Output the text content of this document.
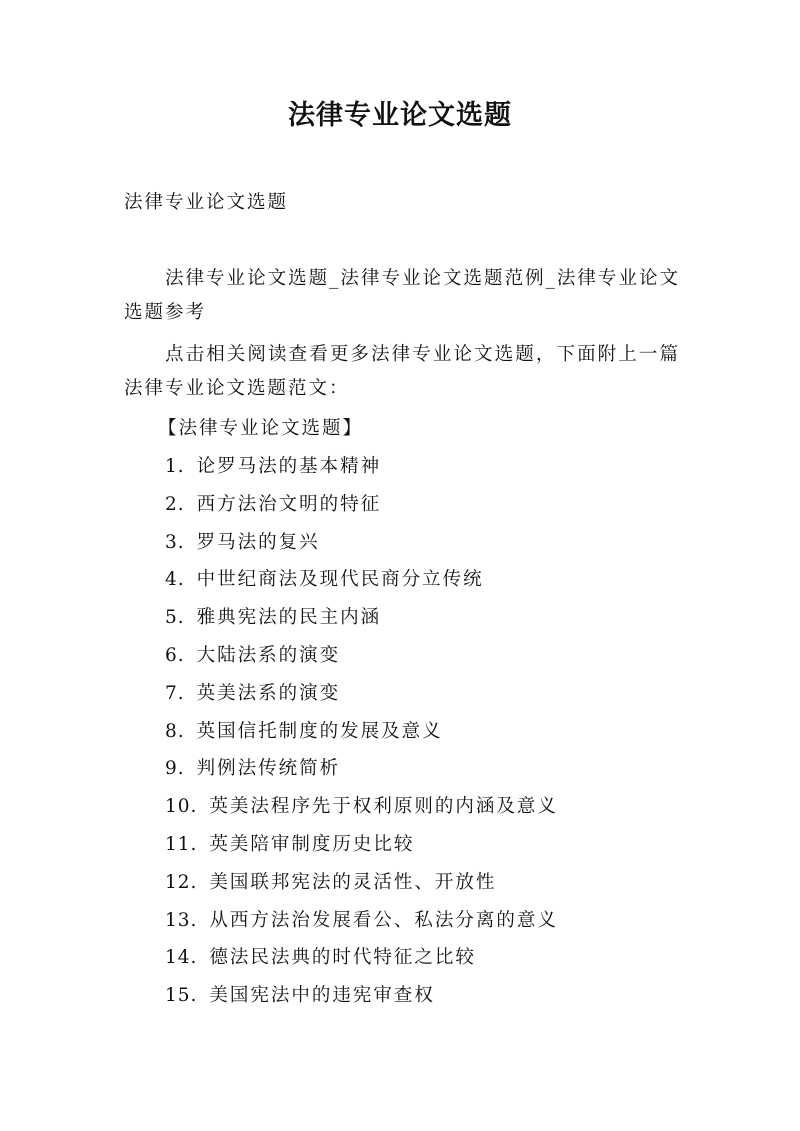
法律专业论文选题
法律专业论文选题

法律专业论文选题_法律专业论文选题范例_法律专业论文选题参考

点击相关阅读查看更多法律专业论文选题，下面附上一篇法律专业论文选题范文：

【法律专业论文选题】
1. 论罗马法的基本精神
2. 西方法治文明的特征
3. 罗马法的复兴
4. 中世纪商法及现代民商分立传统
5. 雅典宪法的民主内涵
6. 大陆法系的演变
7. 英美法系的演变
8. 英国信托制度的发展及意义
9. 判例法传统简析
10. 英美法程序先于权利原则的内涵及意义
11. 英美陪审制度历史比较
12. 美国联邦宪法的灵活性、开放性
13. 从西方法治发展看公、私法分离的意义
14. 德法民法典的时代特征之比较
15. 美国宪法中的违宪审查权
